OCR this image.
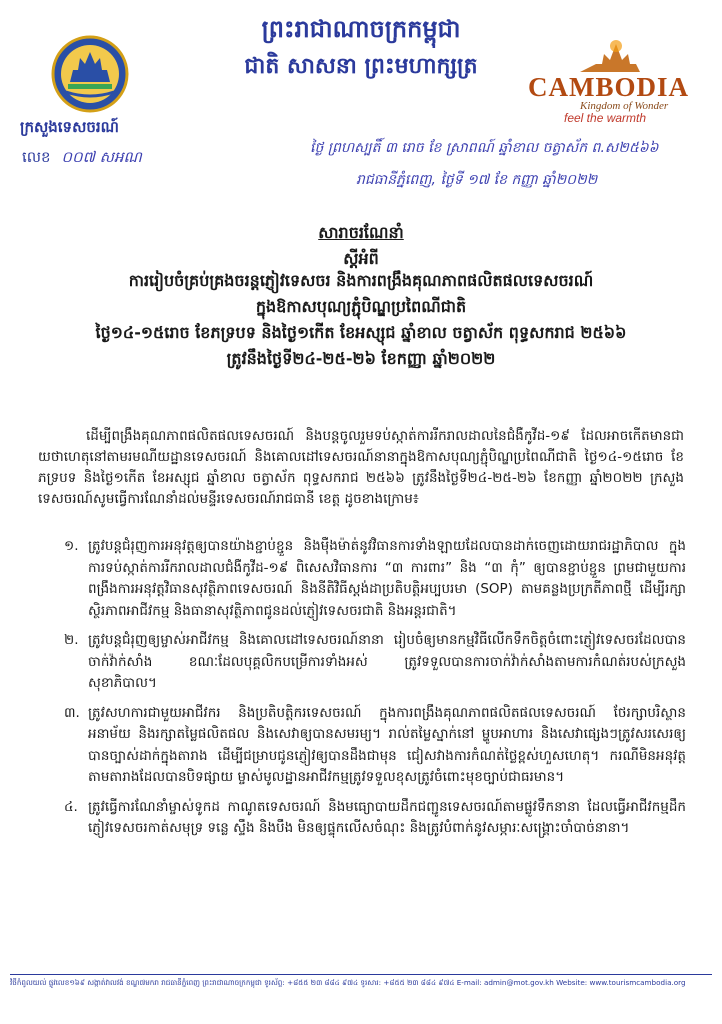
ព្រះរាជាណាចក្រកម្ពុជា
ជាតិ សាសនា ព្រះមហាក្សត្រ
ក្រសួងទេសចរណ៍
លេខ ០០៧ សអណ
CAMBODIA
Kingdom of Wonder
feel the warmth
ថ្ងៃ ព្រហស្បតិ៍ ៣ រោច ខែ ស្រាពណ៍ ឆ្នាំខាល ចត្វាស័ក ព.ស២៥៦៦
រាជធានីភ្នំពេញ, ថ្ងៃទី ១៧ ខែ កញ្ញា ឆ្នាំ២០២២
សារាចរណែនាំ
ស្តីអំពី
ការរៀបចំគ្រប់គ្រងចរន្តភ្ញៀវទេសចរ និងការពង្រឹងគុណភាពផលិតផលទេសចរណ៍
ក្នុងឱកាសបុណ្យភ្ជុំបិណ្ឌប្រពៃណីជាតិ
ថ្ងៃ១៤-១៥រោច ខែភទ្របទ និងថ្ងៃ១កើត ខែអស្សុជ ឆ្នាំខាល ចត្វាស័ក ពុទ្ធសករាជ ២៥៦៦
ត្រូវនឹងថ្ងៃទី២៤-២៥-២៦ ខែកញ្ញា ឆ្នាំ២០២២

ដើម្បីពង្រឹងគុណភាពផលិតផលទេសចរណ៍ និងបន្តចូលរួមទប់ស្កាត់ការរីករាលដាលនៃជំងឺកូវីដ-១៩ ដែលអាចកើតមានជាយថាហេតុនៅតាមរមណីយដ្ឋានទេសចរណ៍ និងគោលដៅទេសចរណ៍នានាក្នុងឱកាសបុណ្យភ្ជុំបិណ្ឌប្រពៃណីជាតិ ថ្ងៃ១៤-១៥រោច ខែភទ្របទ និងថ្ងៃ១កើត ខែអស្សុជ ឆ្នាំខាល ចត្វាស័ក ពុទ្ធសករាជ ២៥៦៦ ត្រូវនឹងថ្ងៃទី២៤-២៥-២៦ ខែកញ្ញា ឆ្នាំ២០២២ ក្រសួងទេសចរណ៍សូមធ្វើការណែនាំដល់មន្ទីរទេសចរណ៍រាជធានី ខេត្ត ដូចខាងក្រោម៖

១. ត្រូវបន្តជំរុញការអនុវត្តឲ្យបានយ៉ាងខ្ជាប់ខ្ជួន និងម៉ឺងម៉ាត់នូវវិធានការទាំងឡាយដែលបានដាក់ចេញដោយរាជរដ្ឋាភិបាល ក្នុងការទប់ស្កាត់ការរីករាលដាលជំងឺកូវីដ-១៩ ពិសេសវិធានការ “៣ ការពារ” និង “៣ កុំ” ឲ្យបានខ្ជាប់ខ្ជួន ព្រមជាមួយការពង្រឹងការអនុវត្តវិធានសុវត្ថិភាពទេសចរណ៍ និងនីតិវិធីស្តង់ដាប្រតិបត្តិអប្បបរមា (SOP) តាមគន្លងប្រក្រតីភាពថ្មី ដើម្បីរក្សាស្ថិរភាពអាជីវកម្ម និងធានាសុវត្ថិភាពជូនដល់ភ្ញៀវទេសចរជាតិ និងអន្តរជាតិ។
២. ត្រូវបន្តជំរុញឲ្យម្ចាស់អាជីវកម្ម និងគោលដៅទេសចរណ៍នានា រៀបចំឲ្យមានកម្មវិធីលើកទឹកចិត្តចំពោះភ្ញៀវទេសចរដែលបានចាក់វ៉ាក់សាំង ខណៈដែលបុគ្គលិកបម្រើការទាំងអស់ ត្រូវទទួលបានការចាក់វ៉ាក់សាំងតាមការកំណត់របស់ក្រសួងសុខាភិបាល។
៣. ត្រូវសហការជាមួយអាជីវករ និងប្រតិបត្តិករទេសចរណ៍ ក្នុងការពង្រឹងគុណភាពផលិតផលទេសចរណ៍ ថែរក្សាបរិស្ថាន អនាម័យ និងរក្សាតម្លៃផលិតផល និងសេវាឲ្យបានសមរម្យ។ រាល់តម្លៃស្នាក់នៅ ម្ហូបអាហារ និងសេវាផ្សេងៗត្រូវសរសេរឲ្យបានច្បាស់ដាក់ក្នុងតារាង ដើម្បីជម្រាបជូនភ្ញៀវឲ្យបានដឹងជាមុន ជៀសវាងការកំណត់ថ្លៃខ្ពស់ហួសហេតុ។ ករណីមិនអនុវត្តតាមតារាងដែលបានបិទផ្សាយ ម្ចាស់មូលដ្ឋានអាជីវកម្មត្រូវទទួលខុសត្រូវចំពោះមុខច្បាប់ជាធរមាន។
៤. ត្រូវធ្វើការណែនាំម្ចាស់ទូកដ កាណូតទេសចរណ៍ និងមធ្យោបាយដឹកជញ្ជូនទេសចរណ៍តាមផ្លូវទឹកនានា ដែលធ្វើអាជីវកម្មដឹកភ្ញៀវទេសចរកាត់សមុទ្រ ទន្លេ ស្ទឹង និងបឹង មិនឲ្យផ្ទុកលើសចំណុះ និងត្រូវបំពាក់នូវសម្ភារៈសង្គ្រោះចាំបាច់នានា។
វិថីកំពូលយល់ ផ្លូវលេខ១៦៩ សង្កាត់វាលវង់ ខណ្ឌ៧មករា រាជធានីភ្នំពេញ ព្រះរាជាណាចក្រកម្ពុជា ទូរស័ព្ទ: +៨៥៥ ២៣ ៨៨៤ ៩៧៤ ទូរសារ: +៨៥៥ ២៣ ៨៨៤ ៩៧៤ E-mail: admin@mot.gov.kh Website: www.tourismcambodia.org
